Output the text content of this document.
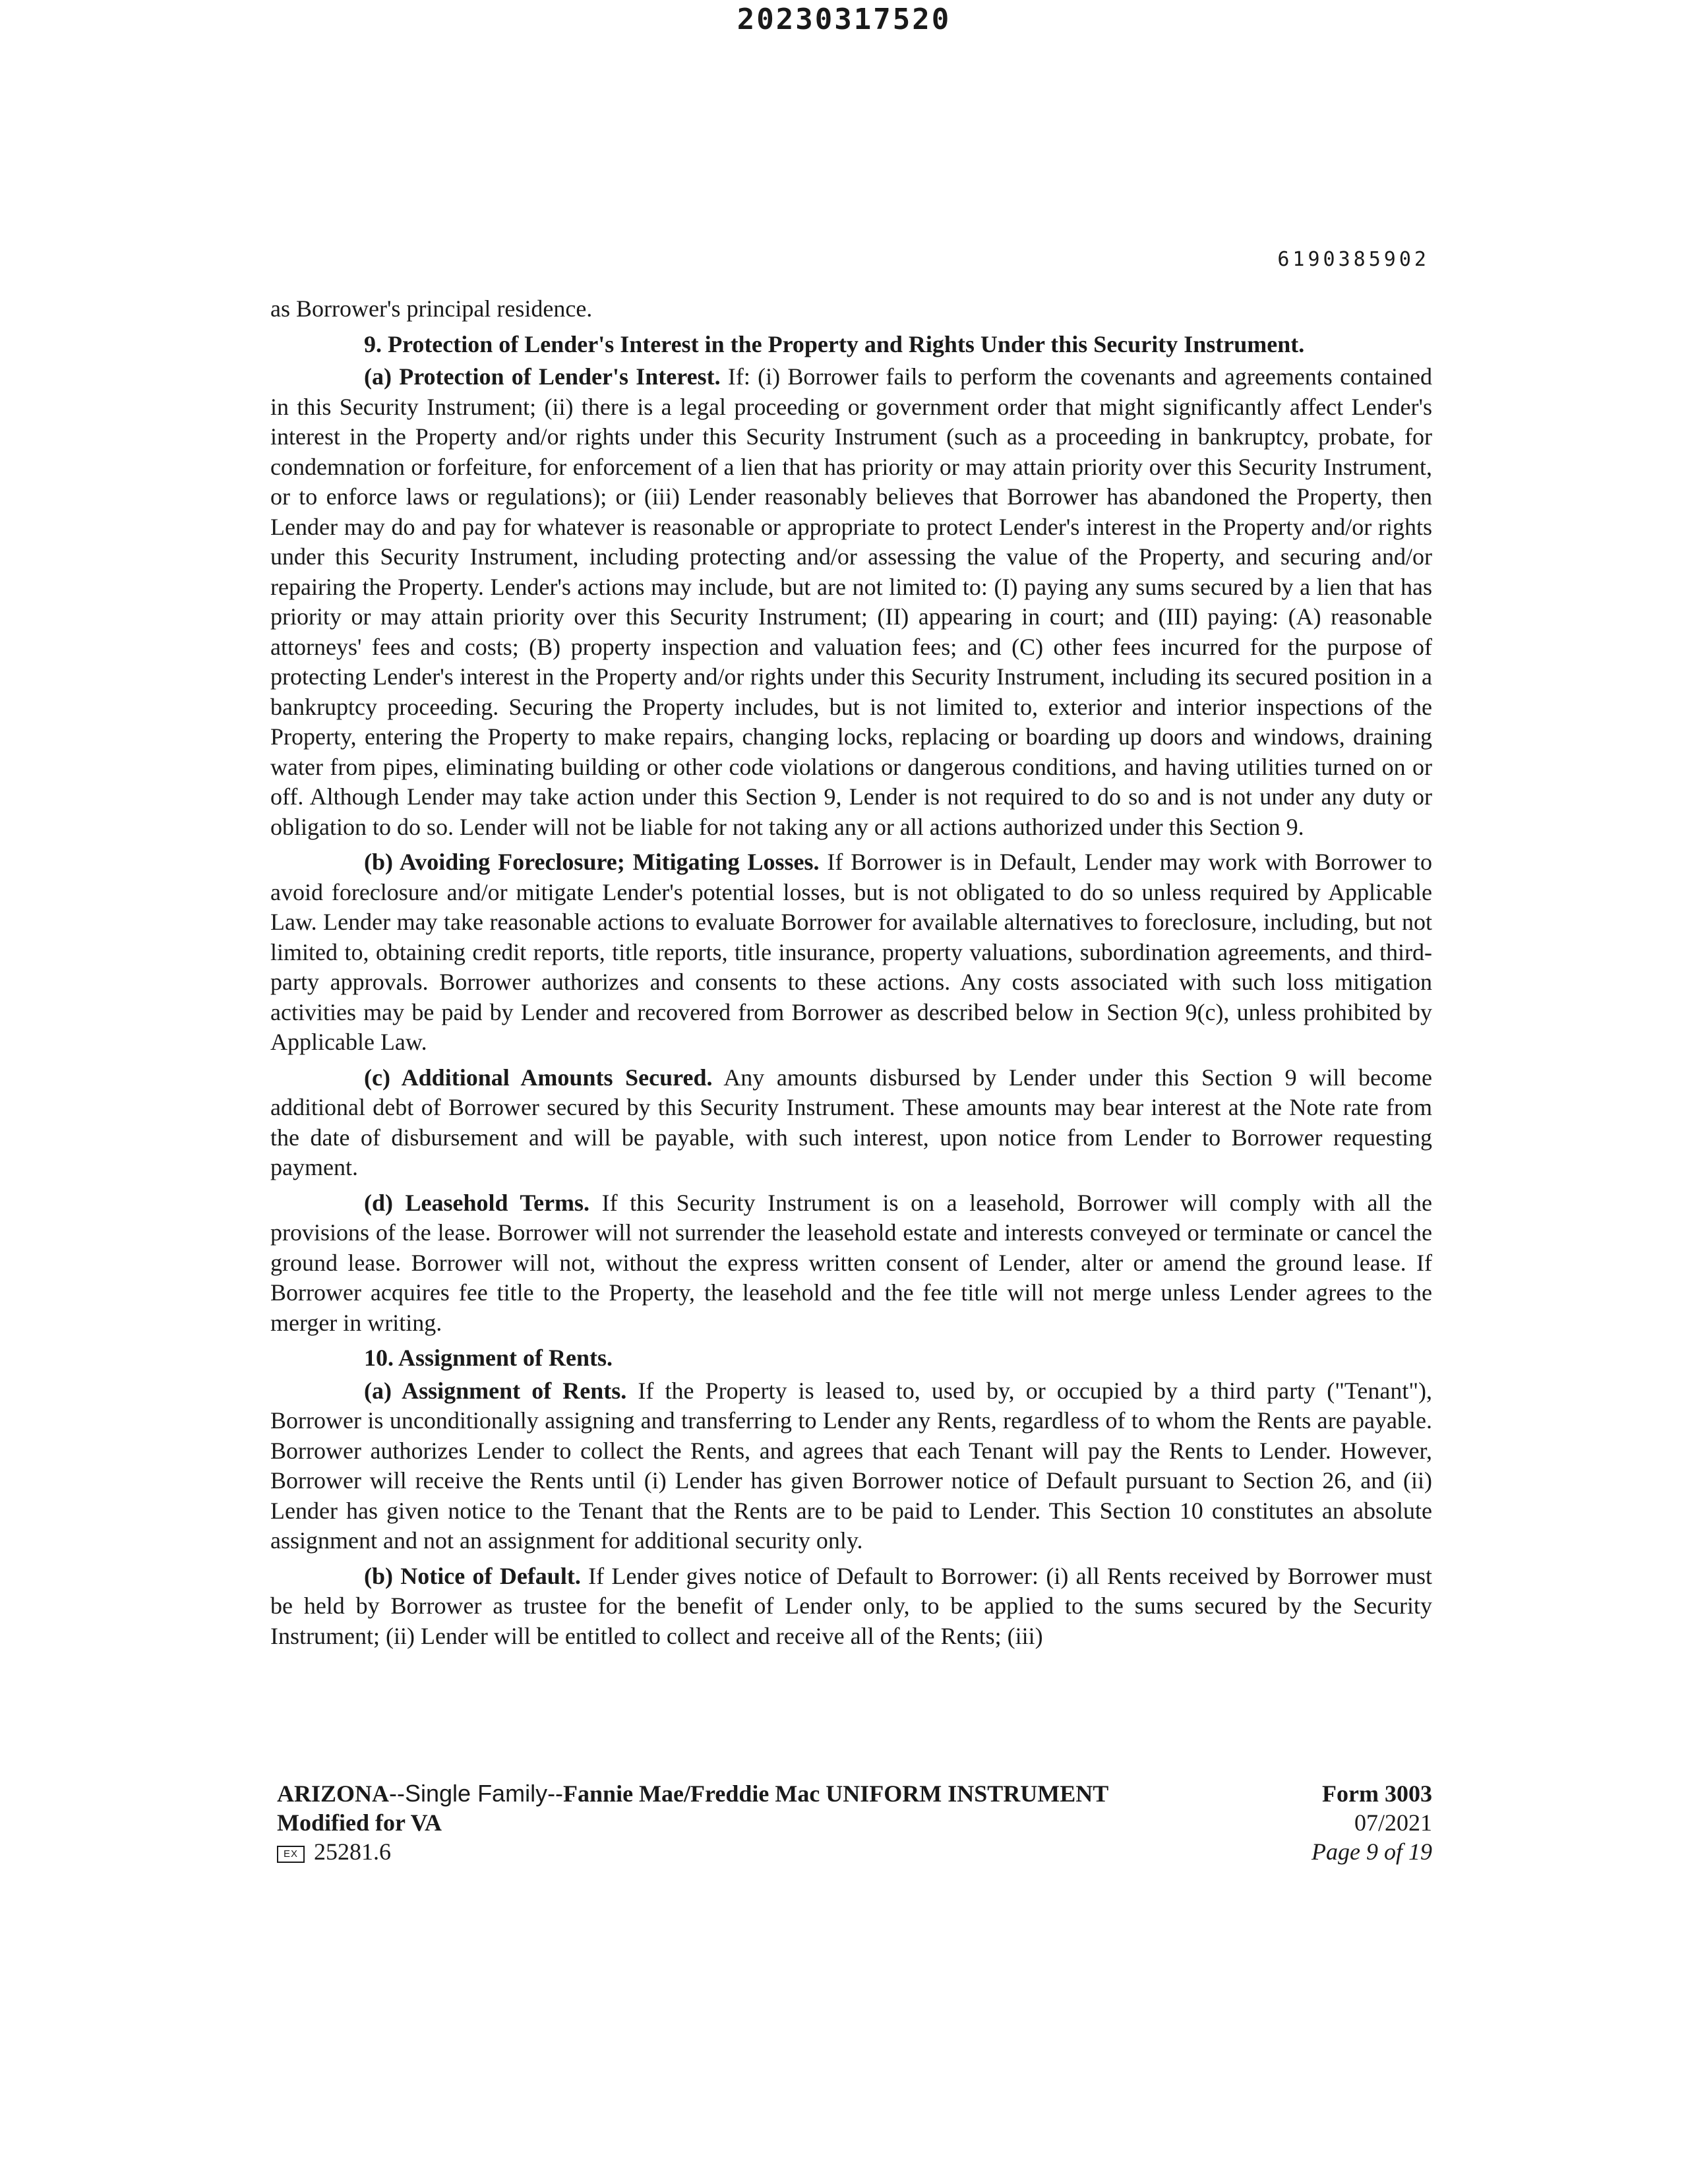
20230317520
6190385902

as Borrower's principal residence.

9. Protection of Lender's Interest in the Property and Rights Under this Security Instrument.

(a) Protection of Lender's Interest. If: (i) Borrower fails to perform the covenants and agreements contained in this Security Instrument; (ii) there is a legal proceeding or government order that might significantly affect Lender's interest in the Property and/or rights under this Security Instrument (such as a proceeding in bankruptcy, probate, for condemnation or forfeiture, for enforcement of a lien that has priority or may attain priority over this Security Instrument, or to enforce laws or regulations); or (iii) Lender reasonably believes that Borrower has abandoned the Property, then Lender may do and pay for whatever is reasonable or appropriate to protect Lender's interest in the Property and/or rights under this Security Instrument, including protecting and/or assessing the value of the Property, and securing and/or repairing the Property. Lender's actions may include, but are not limited to: (I) paying any sums secured by a lien that has priority or may attain priority over this Security Instrument; (II) appearing in court; and (III) paying: (A) reasonable attorneys' fees and costs; (B) property inspection and valuation fees; and (C) other fees incurred for the purpose of protecting Lender's interest in the Property and/or rights under this Security Instrument, including its secured position in a bankruptcy proceeding. Securing the Property includes, but is not limited to, exterior and interior inspections of the Property, entering the Property to make repairs, changing locks, replacing or boarding up doors and windows, draining water from pipes, eliminating building or other code violations or dangerous conditions, and having utilities turned on or off. Although Lender may take action under this Section 9, Lender is not required to do so and is not under any duty or obligation to do so. Lender will not be liable for not taking any or all actions authorized under this Section 9.

(b) Avoiding Foreclosure; Mitigating Losses. If Borrower is in Default, Lender may work with Borrower to avoid foreclosure and/or mitigate Lender's potential losses, but is not obligated to do so unless required by Applicable Law. Lender may take reasonable actions to evaluate Borrower for available alternatives to foreclosure, including, but not limited to, obtaining credit reports, title reports, title insurance, property valuations, subordination agreements, and third-party approvals. Borrower authorizes and consents to these actions. Any costs associated with such loss mitigation activities may be paid by Lender and recovered from Borrower as described below in Section 9(c), unless prohibited by Applicable Law.

(c) Additional Amounts Secured. Any amounts disbursed by Lender under this Section 9 will become additional debt of Borrower secured by this Security Instrument. These amounts may bear interest at the Note rate from the date of disbursement and will be payable, with such interest, upon notice from Lender to Borrower requesting payment.

(d) Leasehold Terms. If this Security Instrument is on a leasehold, Borrower will comply with all the provisions of the lease. Borrower will not surrender the leasehold estate and interests conveyed or terminate or cancel the ground lease. Borrower will not, without the express written consent of Lender, alter or amend the ground lease. If Borrower acquires fee title to the Property, the leasehold and the fee title will not merge unless Lender agrees to the merger in writing.

10. Assignment of Rents.

(a) Assignment of Rents. If the Property is leased to, used by, or occupied by a third party ("Tenant"), Borrower is unconditionally assigning and transferring to Lender any Rents, regardless of to whom the Rents are payable. Borrower authorizes Lender to collect the Rents, and agrees that each Tenant will pay the Rents to Lender. However, Borrower will receive the Rents until (i) Lender has given Borrower notice of Default pursuant to Section 26, and (ii) Lender has given notice to the Tenant that the Rents are to be paid to Lender. This Section 10 constitutes an absolute assignment and not an assignment for additional security only.

(b) Notice of Default. If Lender gives notice of Default to Borrower: (i) all Rents received by Borrower must be held by Borrower as trustee for the benefit of Lender only, to be applied to the sums secured by the Security Instrument; (ii) Lender will be entitled to collect and receive all of the Rents; (iii)

ARIZONA--Single Family--Fannie Mae/Freddie Mac UNIFORM INSTRUMENT
Modified for VA
EX 25281.6
Form 3003
07/2021
Page 9 of 19
